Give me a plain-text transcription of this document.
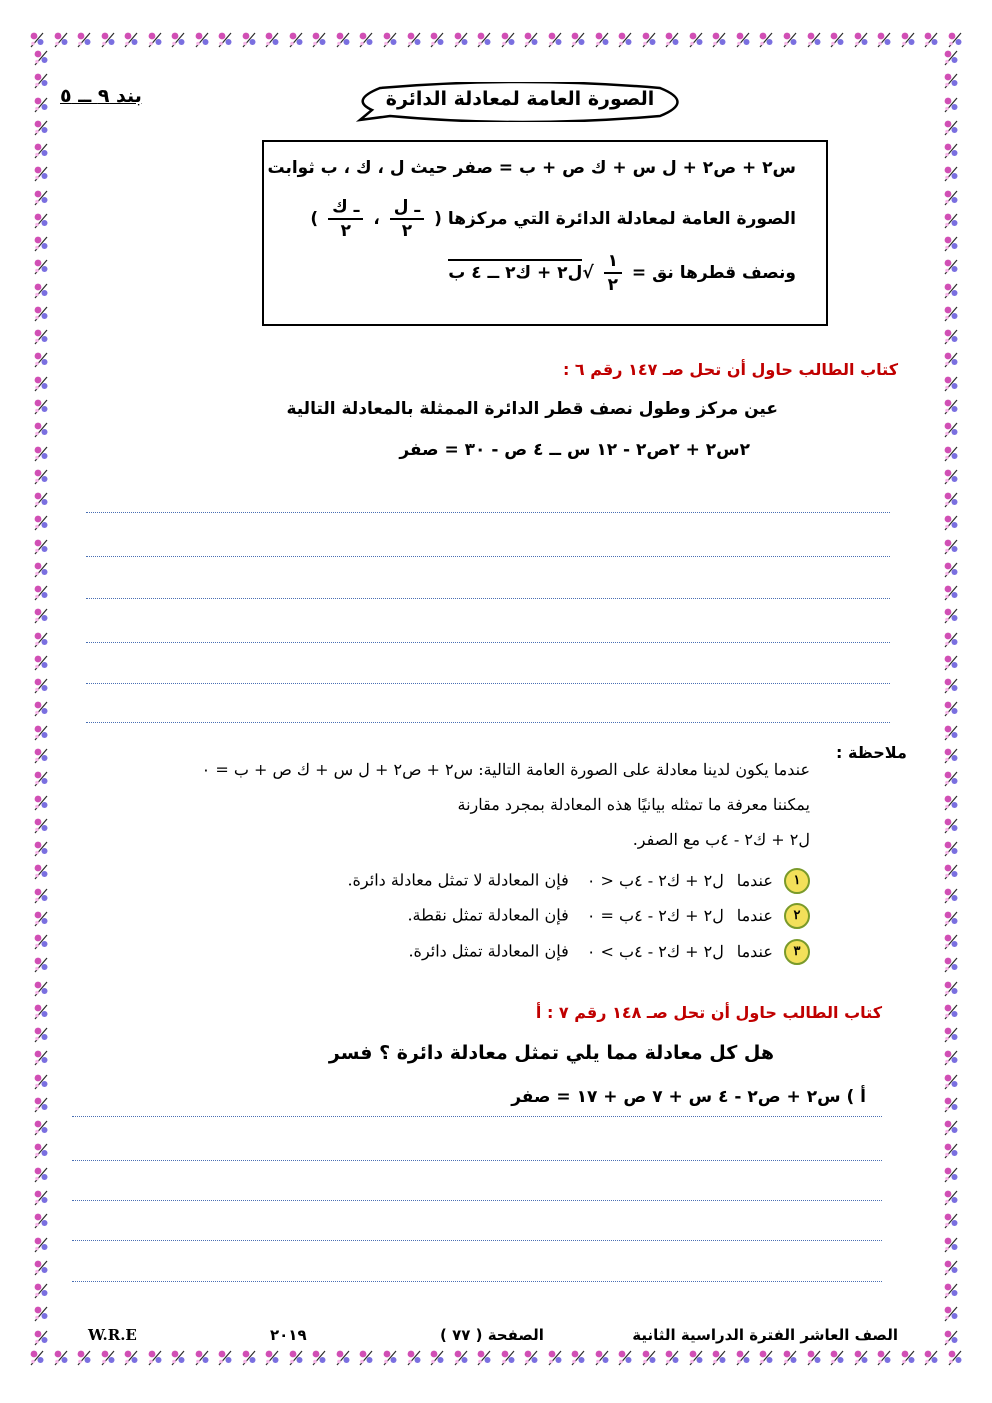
بند ٩ ــ ٥	الصورة العامة لمعادلة الدائرة
س٢ + ص٢ + ل س + ك ص + ب = صفر حيث ل ، ك ، ب ثوابت
الصورة العامة لمعادلة الدائرة التي مركزها (
$\frac{\text{ـ ل}}{٢}$
،
$\frac{\text{ـ ك}}{٢}$
)
ونصف قطرها نق =
$\frac{١}{٢}$
√ل٢ + ك٢ ــ ٤ ب
كتاب الطالب حاول أن تحل صـ ١٤٧ رقم ٦ :
عين مركز وطول نصف قطر الدائرة الممثلة بالمعادلة التالية
٢س٢ + ٢ص٢ - ١٢ س ــ ٤ ص - ٣٠ = صفر
ملاحظة :
عندما يكون لدينا معادلة على الصورة العامة التالية: س٢ + ص٢ + ل س + ك ص + ب = ٠
يمكننا معرفة ما تمثله بيانيًا هذه المعادلة بمجرد مقارنة
ل٢ + ك٢ - ٤ب مع الصفر.
١ عندما ل٢ + ك٢ - ٤ب < ٠ فإن المعادلة لا تمثل معادلة دائرة.
٢ عندما ل٢ + ك٢ - ٤ب = ٠ فإن المعادلة تمثل نقطة.
٣ عندما ل٢ + ك٢ - ٤ب > ٠ فإن المعادلة تمثل دائرة.
كتاب الطالب حاول أن تحل صـ ١٤٨ رقم ٧ : أ
هل كل معادلة مما يلي تمثل معادلة دائرة ؟ فسر
أ ) س٢ + ص٢ - ٤ س + ٧ ص + ١٧ = صفر
الصف العاشر الفترة الدراسية الثانية
الصفحة ( ٧٧ )
٢٠١٩
W.R.E
